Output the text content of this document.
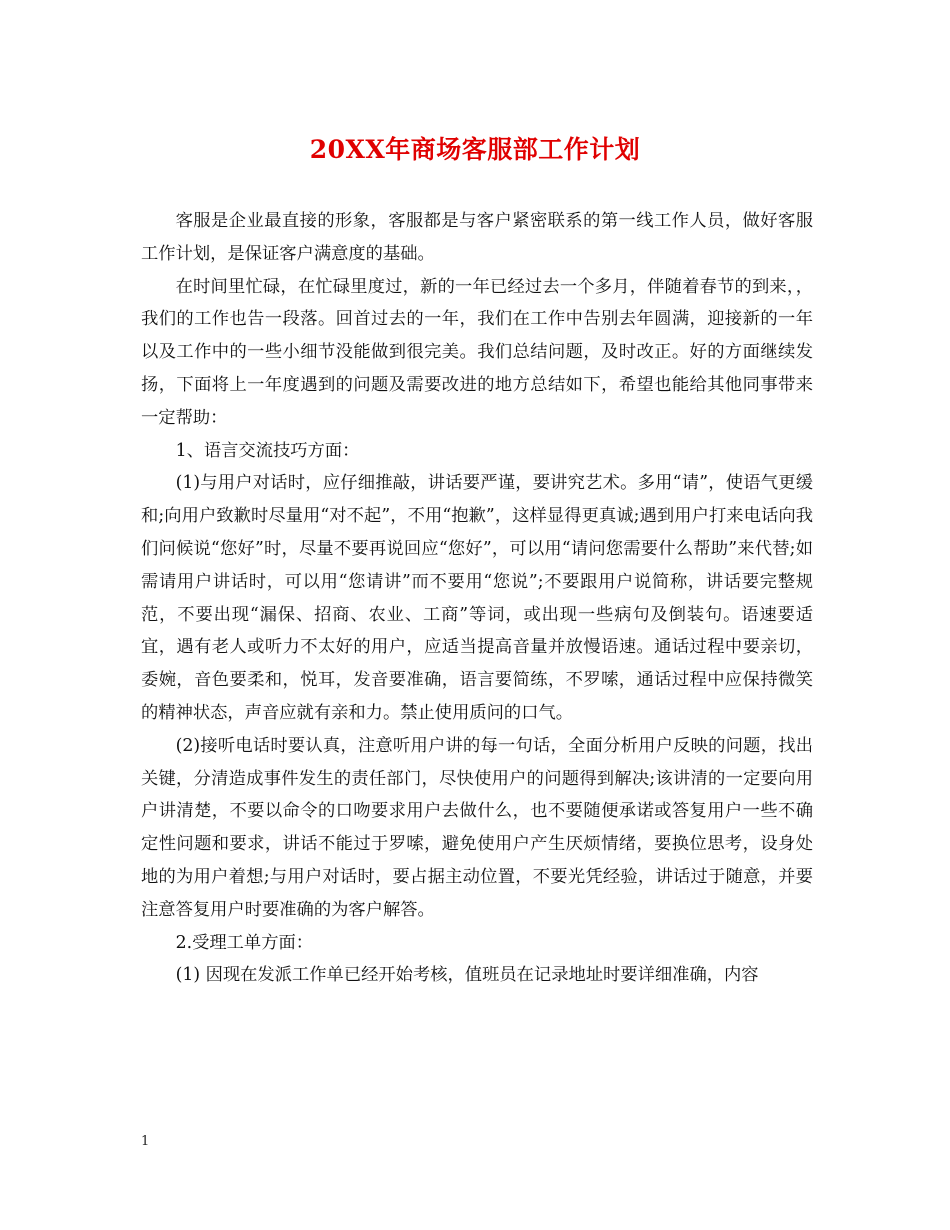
20XX年商场客服部工作计划

客服是企业最直接的形象，客服都是与客户紧密联系的第一线工作人员，做好客服工作计划，是保证客户满意度的基础。

在时间里忙碌，在忙碌里度过，新的一年已经过去一个多月，伴随着春节的到来，，我们的工作也告一段落。回首过去的一年，我们在工作中告别去年圆满，迎接新的一年以及工作中的一些小细节没能做到很完美。我们总结问题，及时改正。好的方面继续发扬，下面将上一年度遇到的问题及需要改进的地方总结如下，希望也能给其他同事带来一定帮助：

1、语言交流技巧方面：

(1)与用户对话时，应仔细推敲，讲话要严谨，要讲究艺术。多用“请”，使语气更缓和;向用户致歉时尽量用“对不起”，不用“抱歉”，这样显得更真诚;遇到用户打来电话向我们问候说“您好”时，尽量不要再说回应“您好”，可以用“请问您需要什么帮助”来代替;如需请用户讲话时，可以用“您请讲”而不要用“您说”;不要跟用户说简称，讲话要完整规范，不要出现“漏保、招商、农业、工商”等词，或出现一些病句及倒装句。语速要适宜，遇有老人或听力不太好的用户，应适当提高音量并放慢语速。通话过程中要亲切，委婉，音色要柔和，悦耳，发音要准确，语言要简练，不罗嗦，通话过程中应保持微笑的精神状态，声音应就有亲和力。禁止使用质问的口气。

(2)接听电话时要认真，注意听用户讲的每一句话，全面分析用户反映的问题，找出关键，分清造成事件发生的责任部门，尽快使用户的问题得到解决;该讲清的一定要向用户讲清楚，不要以命令的口吻要求用户去做什么，也不要随便承诺或答复用户一些不确定性问题和要求，讲话不能过于罗嗦，避免使用户产生厌烦情绪，要换位思考，设身处地的为用户着想;与用户对话时，要占据主动位置，不要光凭经验，讲话过于随意，并要注意答复用户时要准确的为客户解答。

2.受理工单方面：

(1) 因现在发派工作单已经开始考核，值班员在记录地址时要详细准确，内容

1
